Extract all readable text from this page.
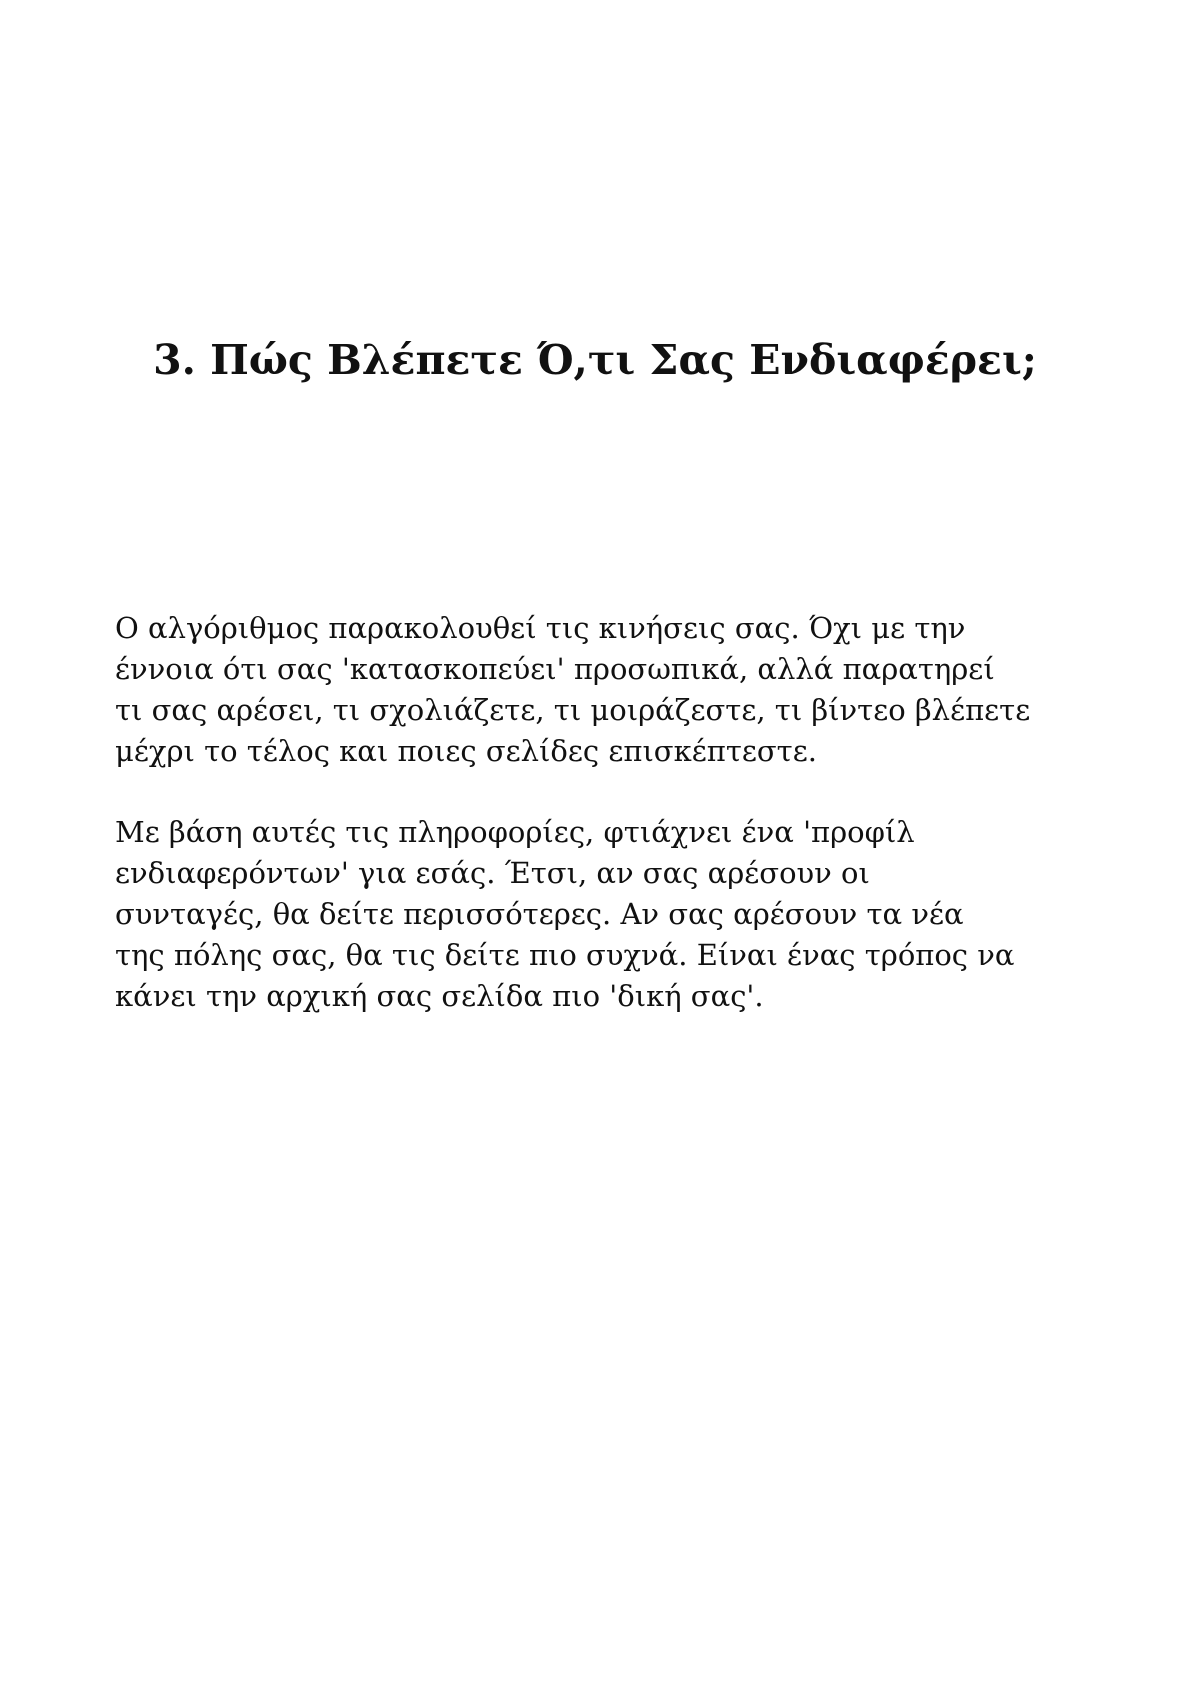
3. Πώς Βλέπετε Ό,τι Σας Ενδιαφέρει;

Ο αλγόριθμος παρακολουθεί τις κινήσεις σας. Όχι με την
έννοια ότι σας 'κατασκοπεύει' προσωπικά, αλλά παρατηρεί
τι σας αρέσει, τι σχολιάζετε, τι μοιράζεστε, τι βίντεο βλέπετε
μέχρι το τέλος και ποιες σελίδες επισκέπτεστε.

Με βάση αυτές τις πληροφορίες, φτιάχνει ένα 'προφίλ
ενδιαφερόντων' για εσάς. Έτσι, αν σας αρέσουν οι
συνταγές, θα δείτε περισσότερες. Αν σας αρέσουν τα νέα
της πόλης σας, θα τις δείτε πιο συχνά. Είναι ένας τρόπος να
κάνει την αρχική σας σελίδα πιο 'δική σας'.
